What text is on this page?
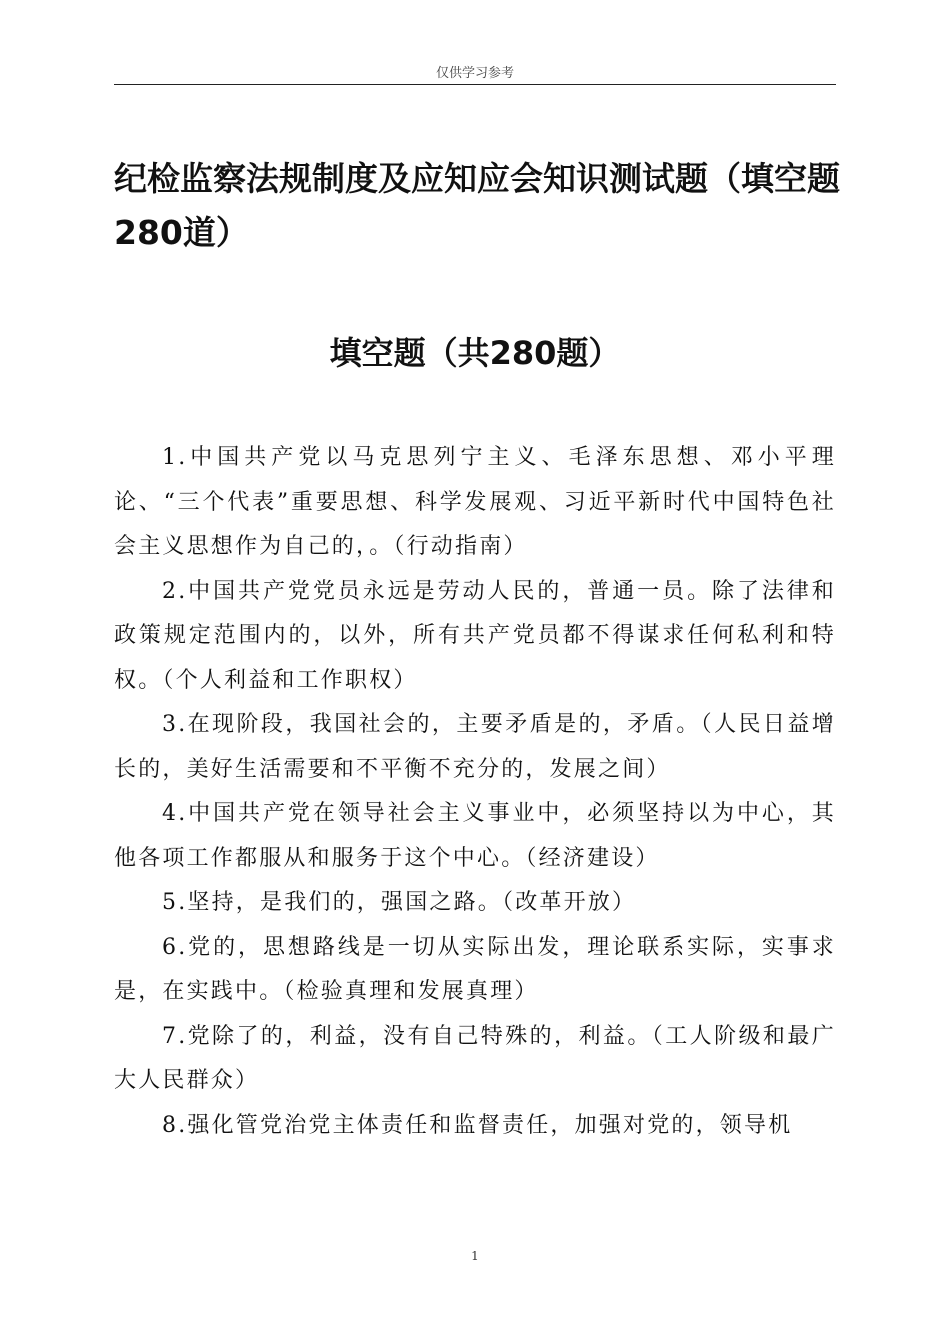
仅供学习参考
纪检监察法规制度及应知应会知识测试题（填空题280道）
填空题（共280题）

1.中国共产党以马克思列宁主义、毛泽东思想、邓小平理论、“三个代表”重要思想、科学发展观、习近平新时代中国特色社会主义思想作为自己的，。（行动指南）

2.中国共产党党员永远是劳动人民的，普通一员。除了法律和政策规定范围内的，以外，所有共产党员都不得谋求任何私利和特权。（个人利益和工作职权）

3.在现阶段，我国社会的，主要矛盾是的，矛盾。（人民日益增长的，美好生活需要和不平衡不充分的，发展之间）

4.中国共产党在领导社会主义事业中，必须坚持以为中心，其他各项工作都服从和服务于这个中心。（经济建设）

5.坚持，是我们的，强国之路。（改革开放）

6.党的，思想路线是一切从实际出发，理论联系实际，实事求是，在实践中。（检验真理和发展真理）

7.党除了的，利益，没有自己特殊的，利益。（工人阶级和最广大人民群众）

8.强化管党治党主体责任和监督责任，加强对党的，领导机

1
